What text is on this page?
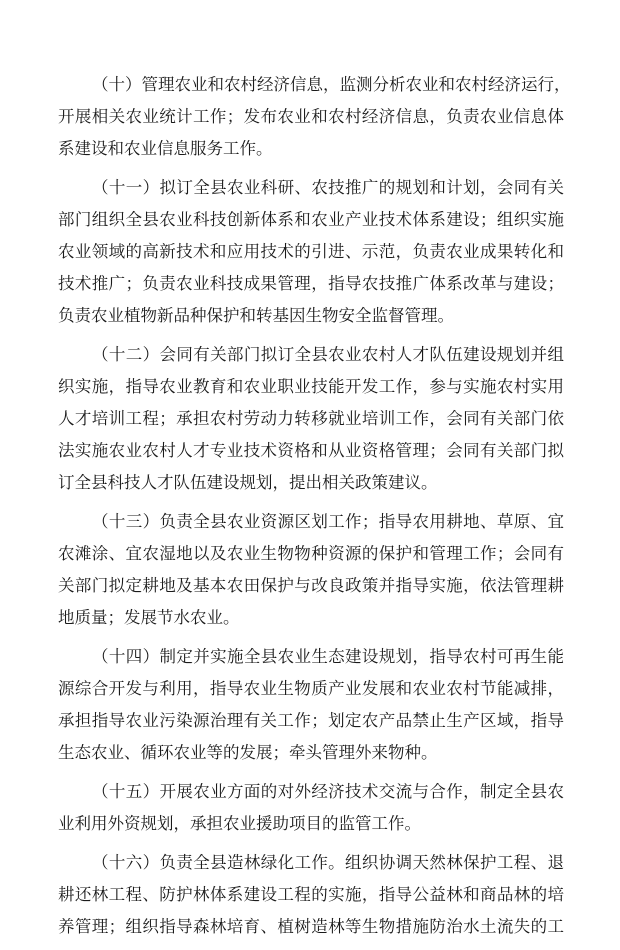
（十）管理农业和农村经济信息，监测分析农业和农村经济运行，
开展相关农业统计工作；发布农业和农村经济信息，负责农业信息体
系建设和农业信息服务工作。
（十一）拟订全县农业科研、农技推广的规划和计划，会同有关
部门组织全县农业科技创新体系和农业产业技术体系建设；组织实施
农业领域的高新技术和应用技术的引进、示范，负责农业成果转化和
技术推广；负责农业科技成果管理，指导农技推广体系改革与建设；
负责农业植物新品种保护和转基因生物安全监督管理。
（十二）会同有关部门拟订全县农业农村人才队伍建设规划并组
织实施，指导农业教育和农业职业技能开发工作，参与实施农村实用
人才培训工程；承担农村劳动力转移就业培训工作，会同有关部门依
法实施农业农村人才专业技术资格和从业资格管理；会同有关部门拟
订全县科技人才队伍建设规划，提出相关政策建议。
（十三）负责全县农业资源区划工作；指导农用耕地、草原、宜
农滩涂、宜农湿地以及农业生物物种资源的保护和管理工作；会同有
关部门拟定耕地及基本农田保护与改良政策并指导实施，依法管理耕
地质量；发展节水农业。
（十四）制定并实施全县农业生态建设规划，指导农村可再生能
源综合开发与利用，指导农业生物质产业发展和农业农村节能减排，
承担指导农业污染源治理有关工作；划定农产品禁止生产区域，指导
生态农业、循环农业等的发展；牵头管理外来物种。
（十五）开展农业方面的对外经济技术交流与合作，制定全县农
业利用外资规划，承担农业援助项目的监管工作。
（十六）负责全县造林绿化工作。组织协调天然林保护工程、退
耕还林工程、防护林体系建设工程的实施，指导公益林和商品林的培
养管理；组织指导森林培育、植树造林等生物措施防治水土流失的工
